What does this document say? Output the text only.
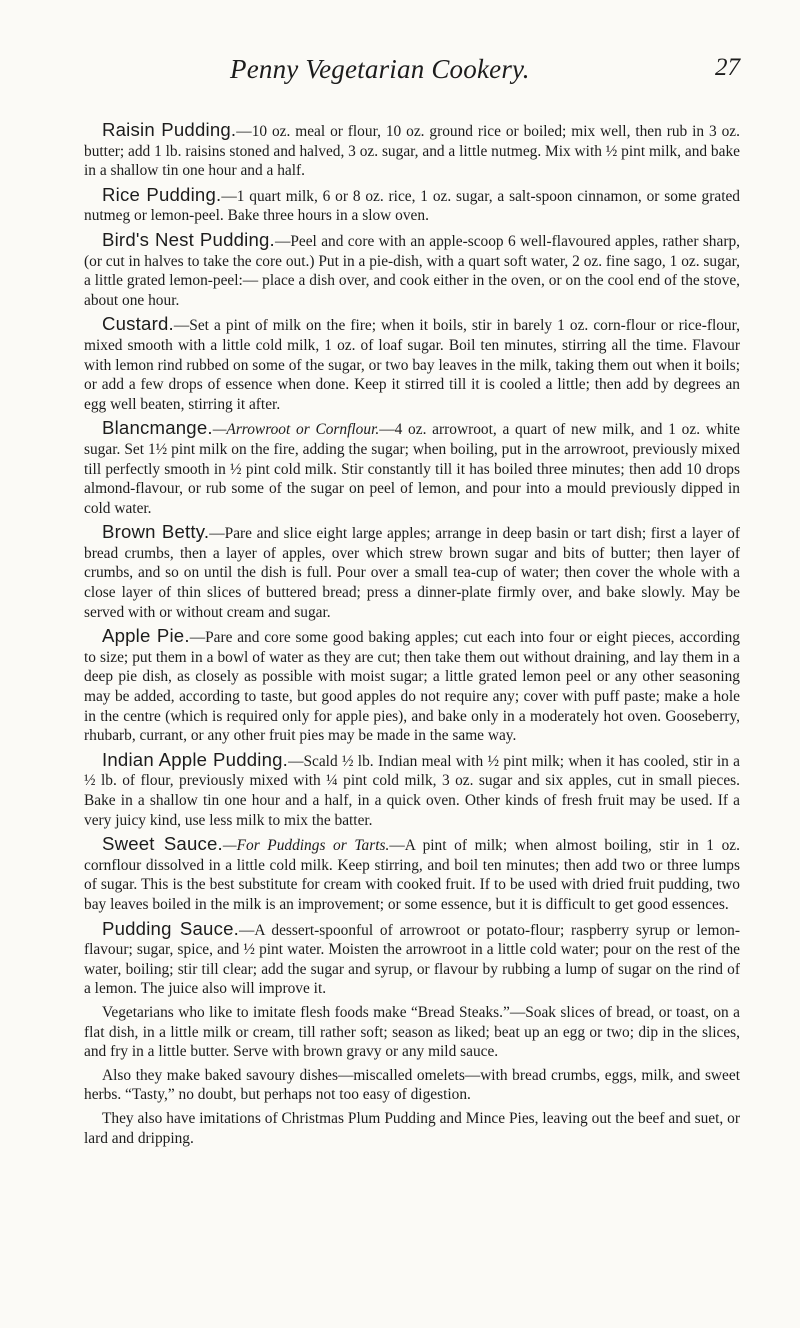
Penny Vegetarian Cookery.	27

Raisin Pudding.—10 oz. meal or flour, 10 oz. ground rice or boiled; mix well, then rub in 3 oz. butter; add 1 lb. raisins stoned and halved, 3 oz. sugar, and a little nutmeg. Mix with ½ pint milk, and bake in a shallow tin one hour and a half.

Rice Pudding.—1 quart milk, 6 or 8 oz. rice, 1 oz. sugar, a salt-spoon cinnamon, or some grated nutmeg or lemon-peel. Bake three hours in a slow oven.

Bird's Nest Pudding.—Peel and core with an apple-scoop 6 well-flavoured apples, rather sharp, (or cut in halves to take the core out.) Put in a pie-dish, with a quart soft water, 2 oz. fine sago, 1 oz. sugar, a little grated lemon-peel:— place a dish over, and cook either in the oven, or on the cool end of the stove, about one hour.

Custard.—Set a pint of milk on the fire; when it boils, stir in barely 1 oz. corn-flour or rice-flour, mixed smooth with a little cold milk, 1 oz. of loaf sugar. Boil ten minutes, stirring all the time. Flavour with lemon rind rubbed on some of the sugar, or two bay leaves in the milk, taking them out when it boils; or add a few drops of essence when done. Keep it stirred till it is cooled a little; then add by degrees an egg well beaten, stirring it after.

Blancmange.—Arrowroot or Cornflour.—4 oz. arrowroot, a quart of new milk, and 1 oz. white sugar. Set 1½ pint milk on the fire, adding the sugar; when boiling, put in the arrowroot, previously mixed till perfectly smooth in ½ pint cold milk. Stir constantly till it has boiled three minutes; then add 10 drops almond-flavour, or rub some of the sugar on peel of lemon, and pour into a mould previously dipped in cold water.

Brown Betty.—Pare and slice eight large apples; arrange in deep basin or tart dish; first a layer of bread crumbs, then a layer of apples, over which strew brown sugar and bits of butter; then layer of crumbs, and so on until the dish is full. Pour over a small tea-cup of water; then cover the whole with a close layer of thin slices of buttered bread; press a dinner-plate firmly over, and bake slowly. May be served with or without cream and sugar.

Apple Pie.—Pare and core some good baking apples; cut each into four or eight pieces, according to size; put them in a bowl of water as they are cut; then take them out without draining, and lay them in a deep pie dish, as closely as possible with moist sugar; a little grated lemon peel or any other seasoning may be added, according to taste, but good apples do not require any; cover with puff paste; make a hole in the centre (which is required only for apple pies), and bake only in a moderately hot oven. Gooseberry, rhubarb, currant, or any other fruit pies may be made in the same way.

Indian Apple Pudding.—Scald ½ lb. Indian meal with ½ pint milk; when it has cooled, stir in a ½ lb. of flour, previously mixed with ¼ pint cold milk, 3 oz. sugar and six apples, cut in small pieces. Bake in a shallow tin one hour and a half, in a quick oven. Other kinds of fresh fruit may be used. If a very juicy kind, use less milk to mix the batter.

Sweet Sauce.—For Puddings or Tarts.—A pint of milk; when almost boiling, stir in 1 oz. cornflour dissolved in a little cold milk. Keep stirring, and boil ten minutes; then add two or three lumps of sugar. This is the best substitute for cream with cooked fruit. If to be used with dried fruit pudding, two bay leaves boiled in the milk is an improvement; or some essence, but it is difficult to get good essences.

Pudding Sauce.—A dessert-spoonful of arrowroot or potato-flour; raspberry syrup or lemon-flavour; sugar, spice, and ½ pint water. Moisten the arrowroot in a little cold water; pour on the rest of the water, boiling; stir till clear; add the sugar and syrup, or flavour by rubbing a lump of sugar on the rind of a lemon. The juice also will improve it.

Vegetarians who like to imitate flesh foods make “Bread Steaks.”—Soak slices of bread, or toast, on a flat dish, in a little milk or cream, till rather soft; season as liked; beat up an egg or two; dip in the slices, and fry in a little butter. Serve with brown gravy or any mild sauce.

Also they make baked savoury dishes—miscalled omelets—with bread crumbs, eggs, milk, and sweet herbs. “Tasty,” no doubt, but perhaps not too easy of digestion.

They also have imitations of Christmas Plum Pudding and Mince Pies, leaving out the beef and suet, or lard and dripping.
